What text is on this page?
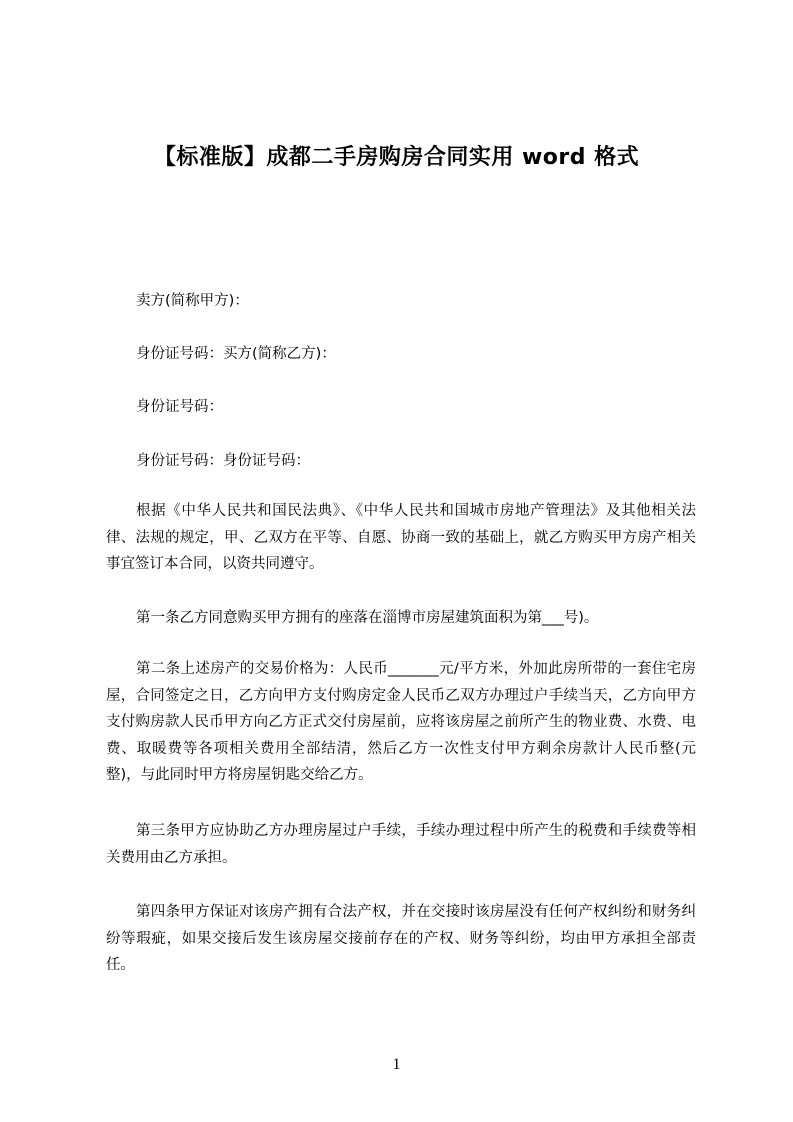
【标准版】成都二手房购房合同实用 word 格式
卖方(简称甲方)：
身份证号码：买方(简称乙方)：
身份证号码：
身份证号码：身份证号码：

根据《中华人民共和国民法典》、《中华人民共和国城市房地产管理法》及其他相关法律、法规的规定，甲、乙双方在平等、自愿、协商一致的基础上，就乙方购买甲方房产相关事宜签订本合同，以资共同遵守。

第一条乙方同意购买甲方拥有的座落在淄博市房屋建筑面积为第___号)。

第二条上述房产的交易价格为：人民币_______元/平方米，外加此房所带的一套住宅房屋，合同签定之日，乙方向甲方支付购房定金人民币乙双方办理过户手续当天，乙方向甲方支付购房款人民币甲方向乙方正式交付房屋前，应将该房屋之前所产生的物业费、水费、电费、取暖费等各项相关费用全部结清，然后乙方一次性支付甲方剩余房款计人民币整(元整)，与此同时甲方将房屋钥匙交给乙方。

第三条甲方应协助乙方办理房屋过户手续，手续办理过程中所产生的税费和手续费等相关费用由乙方承担。

第四条甲方保证对该房产拥有合法产权，并在交接时该房屋没有任何产权纠纷和财务纠纷等瑕疵，如果交接后发生该房屋交接前存在的产权、财务等纠纷，均由甲方承担全部责任。

1
